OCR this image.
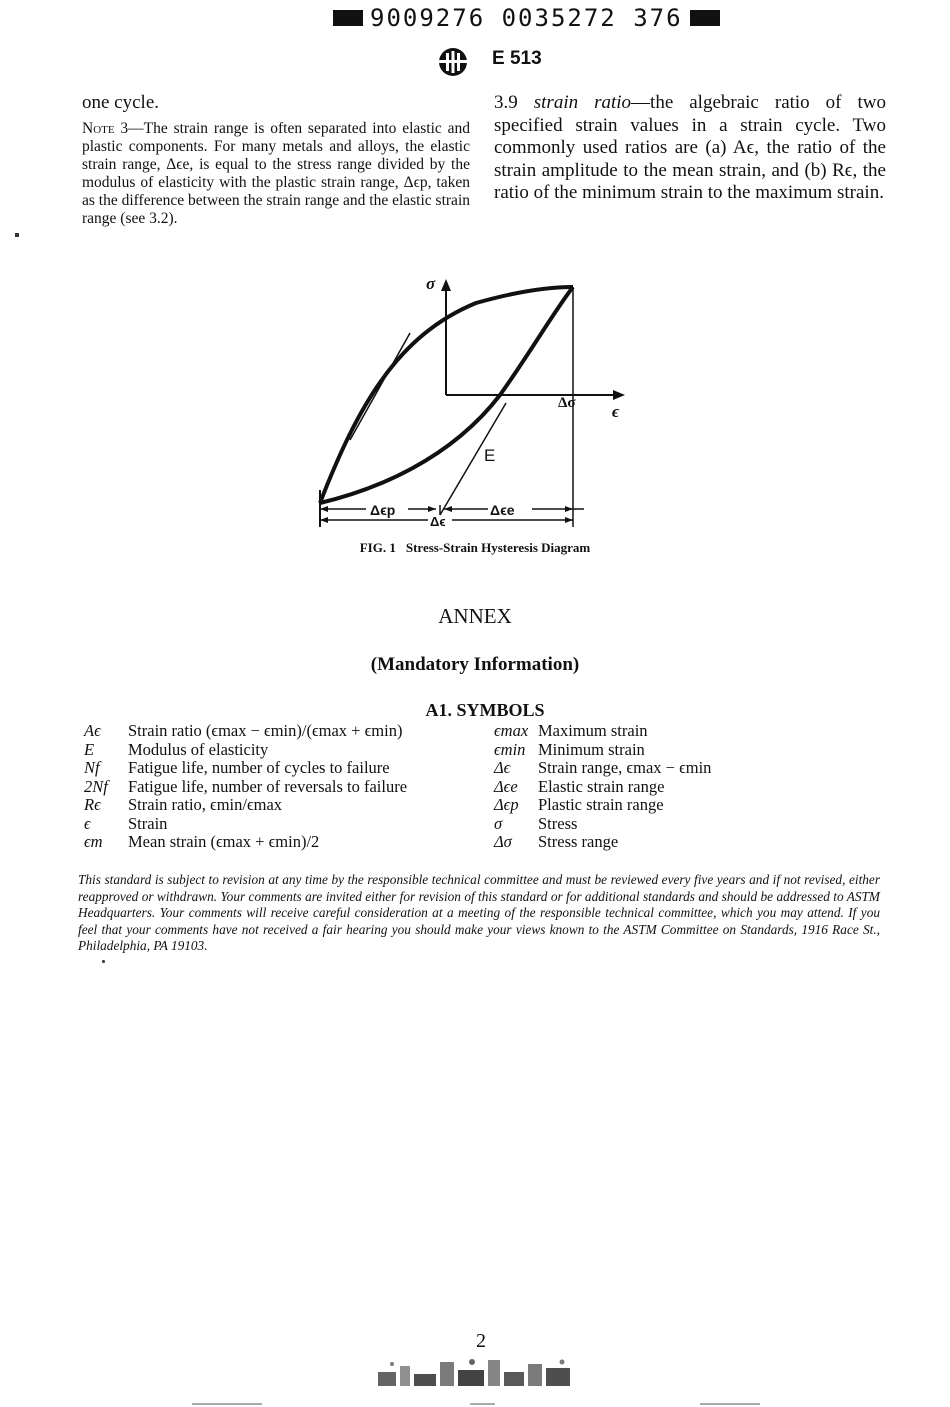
9009276 0035272 376
E 513

one cycle.

Note 3—The strain range is often separated into elastic and plastic components. For many metals and alloys, the elastic strain range, Δϵe, is equal to the stress range divided by the modulus of elasticity with the plastic strain range, Δϵp, taken as the difference between the strain range and the elastic strain range (see 3.2).

3.9 strain ratio—the algebraic ratio of two specified strain values in a strain cycle. Two commonly used ratios are (a) Aϵ, the ratio of the strain amplitude to the mean strain, and (b) Rϵ, the ratio of the minimum strain to the maximum strain.

σ
ϵ
Δσ
E
Δϵp	Δϵe
Δϵ
FIG. 1 Stress-Strain Hysteresis Diagram
ANNEX
(Mandatory Information)
A1. SYMBOLS
Aϵ Strain ratio (ϵmax − ϵmin)/(ϵmax + ϵmin)
E Modulus of elasticity
Nf Fatigue life, number of cycles to failure
2Nf Fatigue life, number of reversals to failure
Rϵ Strain ratio, ϵmin/ϵmax
ϵ Strain
ϵm Mean strain (ϵmax + ϵmin)/2
ϵmax Maximum strain
ϵmin Minimum strain
Δϵ Strain range, ϵmax − ϵmin
Δϵe Elastic strain range
Δϵp Plastic strain range
σ Stress
Δσ Stress range

This standard is subject to revision at any time by the responsible technical committee and must be reviewed every five years and if not revised, either reapproved or withdrawn. Your comments are invited either for revision of this standard or for additional standards and should be addressed to ASTM Headquarters. Your comments will receive careful consideration at a meeting of the responsible technical committee, which you may attend. If you feel that your comments have not received a fair hearing you should make your views known to the ASTM Committee on Standards, 1916 Race St., Philadelphia, PA 19103.

2
